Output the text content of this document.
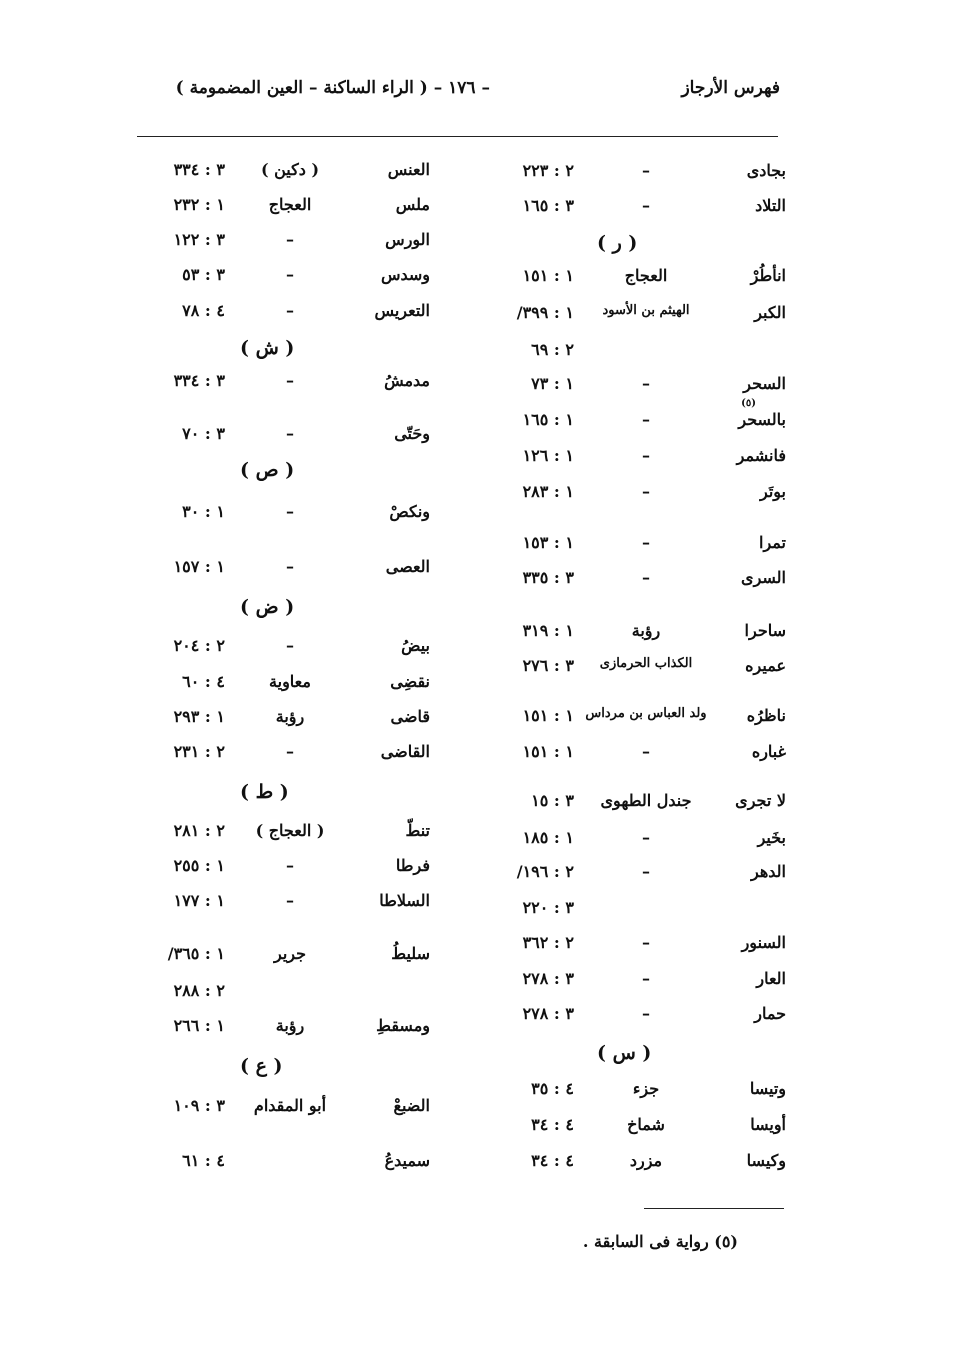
فهرس الأرجاز
– ١٧٦ – ( الراء الساكنة – العين المضمومة )
بجادى
–
٢ : ٢٢٣
التلاد
–
٣ : ١٦٥
( ر )
انأطُرْ
العجاج
١ : ١٥١
الكبر
الهيثم بن الأسود
١ : ٣٩٩/
٢ : ٦٩
السحر
–
١ : ٧٣
بالسحر
–
١ : ١٦٥
(٥)
فانشمر
–
١ : ١٢٦
بوتَر
–
١ : ٢٨٣
تمرا
–
١ : ١٥٣
السرى
–
٣ : ٣٣٥
ساحرا
رؤبة
١ : ٣١٩
عميره
الكذاب الحرمازى
٣ : ٢٧٦
ناظرُه
ولد العباس بن مرداس
١ : ١٥١
غباره
–
١ : ١٥١
لا تجرى
جندل الطهوى
٣ : ١٥
بخَير
–
١ : ١٨٥
الدهر
–
٢ : ١٩٦/
٣ : ٢٢٠
السنور
–
٢ : ٣٦٢
العار
–
٣ : ٢٧٨
حمار
–
٣ : ٢٧٨
( س )
وتيسا
جزء
٤ : ٣٥
أويسا
شماخ
٤ : ٣٤
وكيسا
مزرد
٤ : ٣٤
العنس
( دكين )
٣ : ٣٣٤
ملس
العجاج
١ : ٢٣٢
الورس
–
٣ : ١٢٢
وسدس
–
٣ : ٥٣
التعريس
–
٤ : ٧٨
( ش )
مدمشُ
–
٣ : ٣٣٤
وحَتّى
–
٣ : ٧٠
( ص )
ونكصْ
–
١ : ٣٠
العصى
–
١ : ١٥٧
( ض )
بيضُ
–
٢ : ٢٠٤
نقضِى
معاوية
٤ : ٦٠
قاضى
رؤبة
١ : ٢٩٣
القاضى
–
٢ : ٢٣١
( ط )
تنطّ
( العجاج )
٢ : ٢٨١
فرطا
–
١ : ٢٥٥
السلاطا
–
١ : ١٧٧
سليطُ
جرير
١ : ٣٦٥/
٢ : ٢٨٨
ومسقطِ
رؤبة
١ : ٢٦٦
( ع )
الضبعْ
أبو المقدام
٣ : ١٠٩
سميدعُ
٤ : ٦١
(٥) رواية فى السابقة .
